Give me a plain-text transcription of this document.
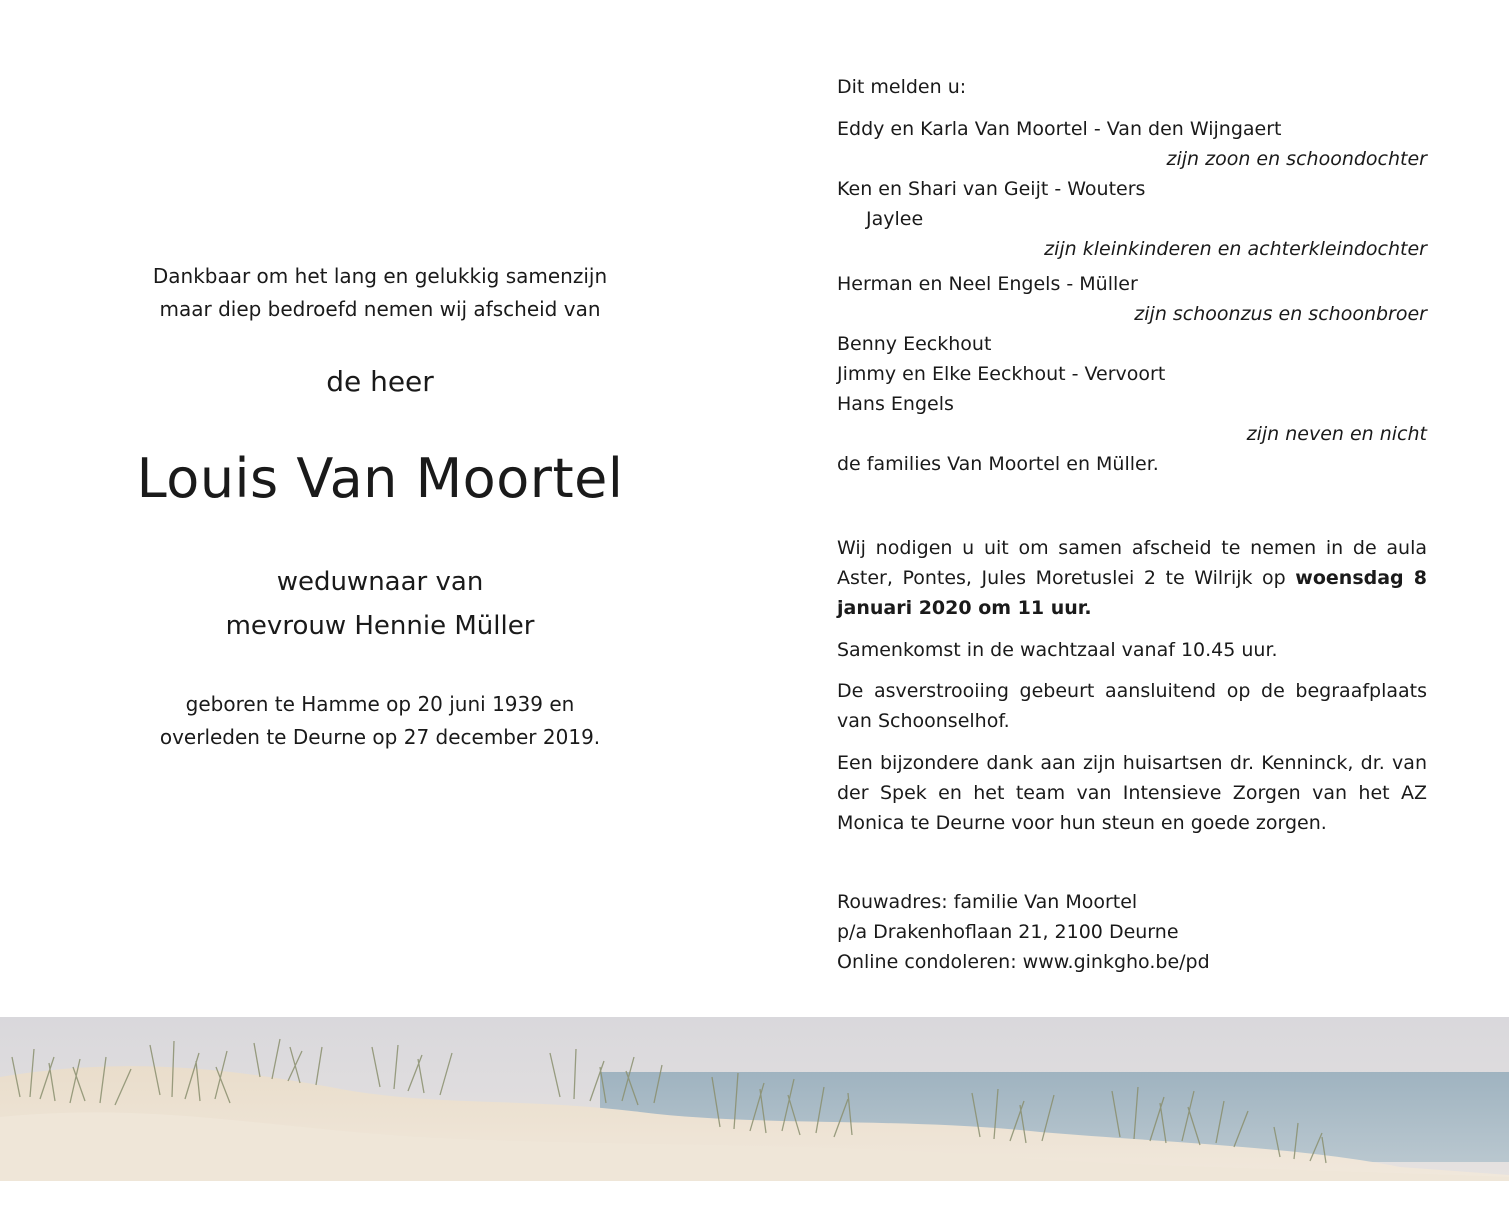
Dankbaar om het lang en gelukkig samenzijn
maar diep bedroefd nemen wij afscheid van
de heer
Louis Van Moortel
weduwnaar van
mevrouw Hennie Müller
geboren te Hamme op 20 juni 1939 en
overleden te Deurne op 27 december 2019.
Dit melden u:
Eddy en Karla Van Moortel - Van den Wijngaert
zijn zoon en schoondochter
Ken en Shari van Geijt - Wouters
Jaylee
zijn kleinkinderen en achterkleindochter
Herman en Neel Engels - Müller
zijn schoonzus en schoonbroer
Benny Eeckhout
Jimmy en Elke Eeckhout - Vervoort
Hans Engels
zijn neven en nicht
de families Van Moortel en Müller.
Wij nodigen u uit om samen afscheid te nemen in de aula Aster, Pontes, Jules Moretuslei 2 te Wilrijk op woensdag 8 januari 2020 om 11 uur.
Samenkomst in de wachtzaal vanaf 10.45 uur.
De asverstrooiing gebeurt aansluitend op de begraafplaats van Schoonselhof.
Een bijzondere dank aan zijn huisartsen dr. Kenninck, dr. van der Spek en het team van Intensieve Zorgen van het AZ Monica te Deurne voor hun steun en goede zorgen.
Rouwadres: familie Van Moortel
p/a Drakenhoflaan 21, 2100 Deurne
Online condoleren: www.ginkgho.be/pd
